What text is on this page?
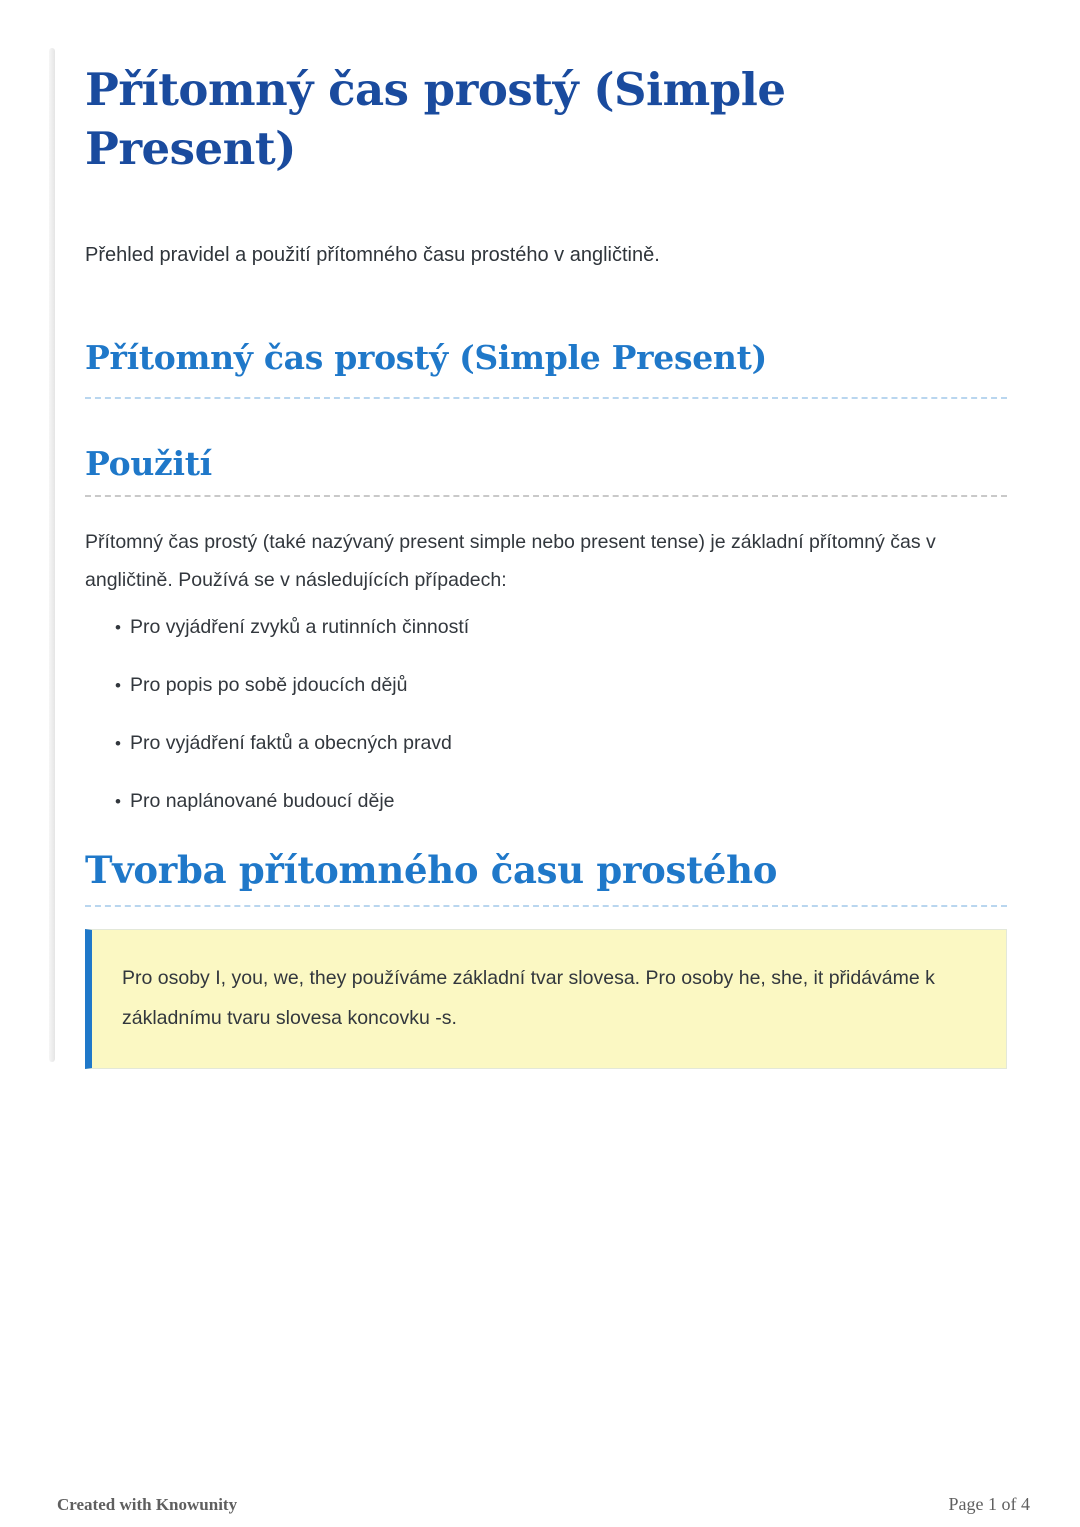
Přítomný čas prostý (Simple Present)

Přehled pravidel a použití přítomného času prostého v angličtině.

Přítomný čas prostý (Simple Present)
Použití

Přítomný čas prostý (také nazývaný present simple nebo present tense) je základní přítomný čas v angličtině. Používá se v následujících případech:

• Pro vyjádření zvyků a rutinních činností
• Pro popis po sobě jdoucích dějů
• Pro vyjádření faktů a obecných pravd
• Pro naplánované budoucí děje
Tvorba přítomného času prostého
Pro osoby I, you, we, they používáme základní tvar slovesa. Pro osoby he, she, it přidáváme k základnímu tvaru slovesa koncovku -s.
Created with Knowunity	Page 1 of 4
